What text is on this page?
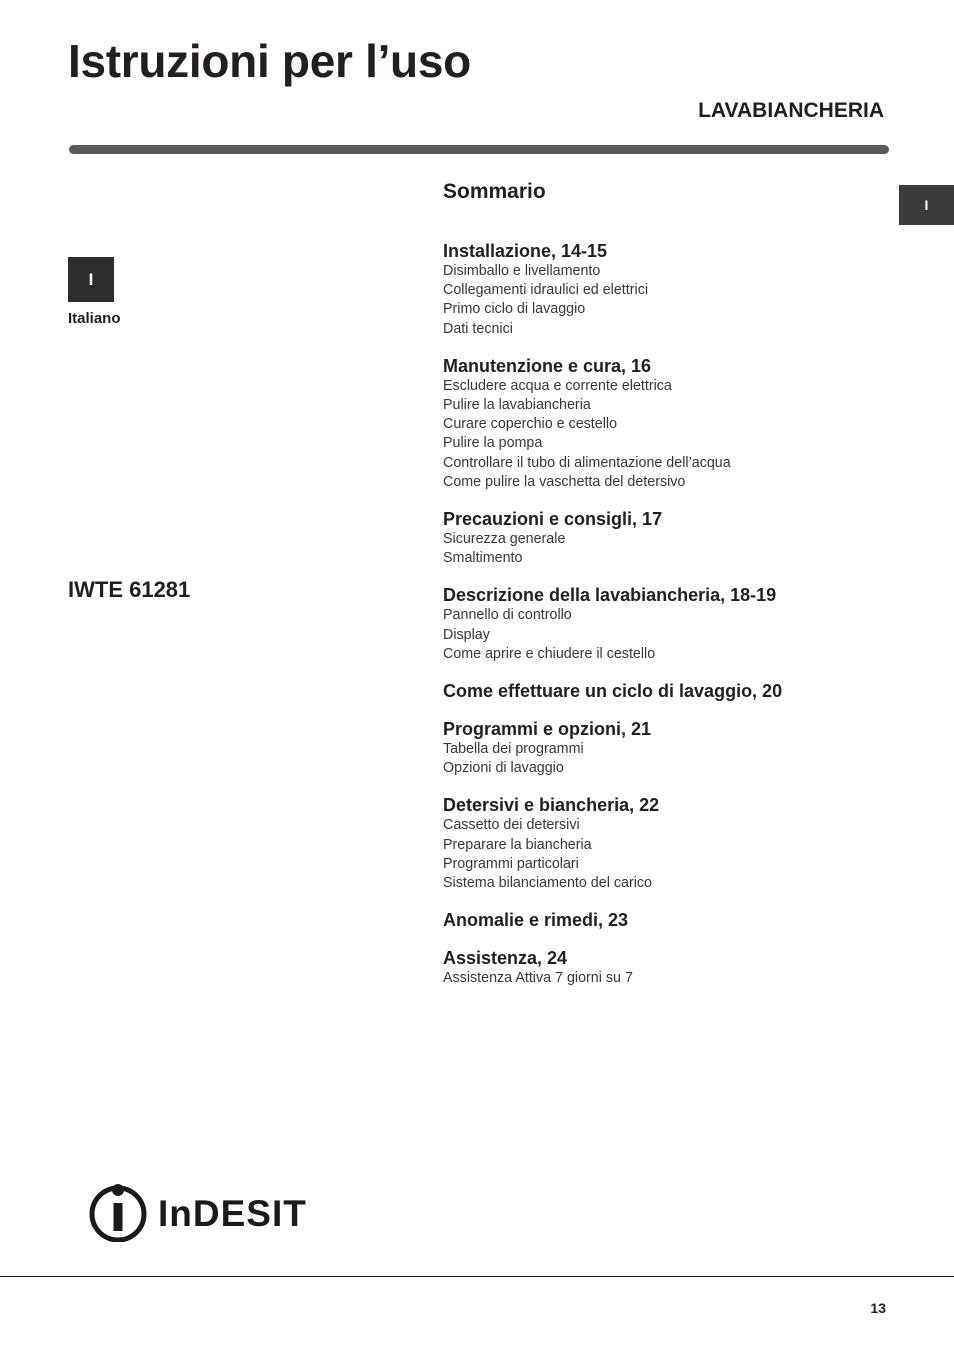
Istruzioni per l’uso
LAVABIANCHERIA
I
I
Italiano
IWTE 61281
Sommario
Installazione, 14-15
Disimballo e livellamento
Collegamenti idraulici ed elettrici
Primo ciclo di lavaggio
Dati tecnici
Manutenzione e cura, 16
Escludere acqua e corrente elettrica
Pulire la lavabiancheria
Curare coperchio e cestello
Pulire la pompa
Controllare il tubo di alimentazione dell’acqua
Come pulire la vaschetta del detersivo
Precauzioni e consigli, 17
Sicurezza generale
Smaltimento
Descrizione della lavabiancheria, 18-19
Pannello di controllo
Display
Come aprire e chiudere il cestello
Come effettuare un ciclo di lavaggio, 20
Programmi e opzioni, 21
Tabella dei programmi
Opzioni di lavaggio
Detersivi e biancheria, 22
Cassetto dei detersivi
Preparare la biancheria
Programmi particolari
Sistema bilanciamento del carico
Anomalie e rimedi, 23
Assistenza, 24
Assistenza Attiva 7 giorni su 7
InDESIT
13
